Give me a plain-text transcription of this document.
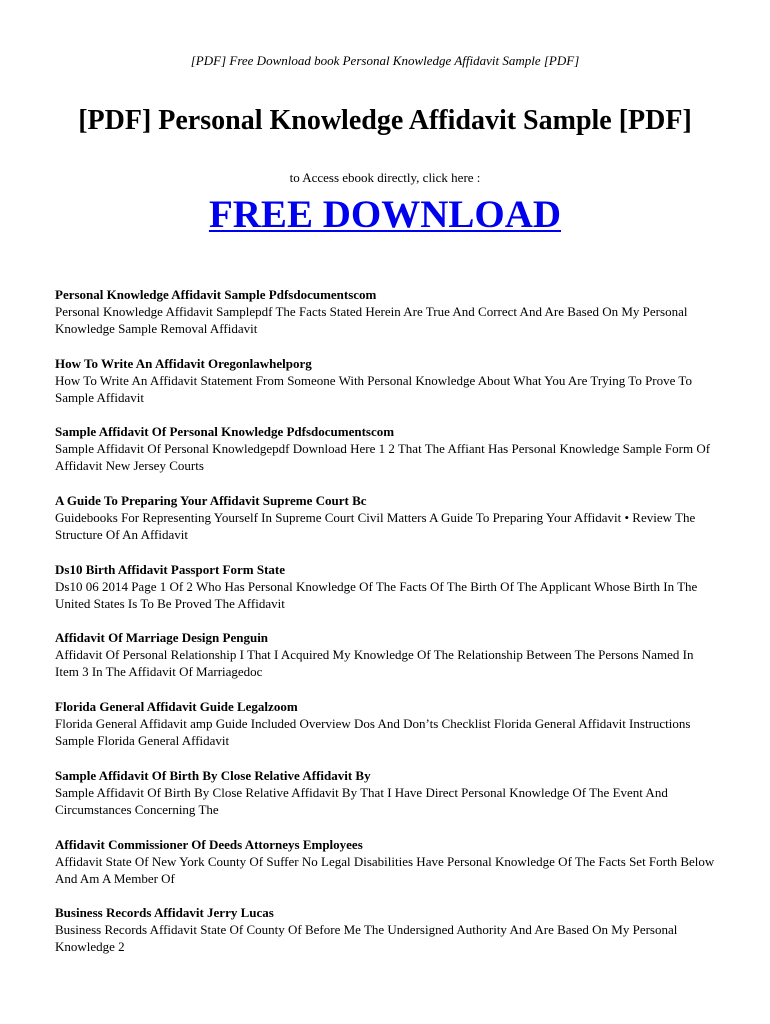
[PDF] Free Download book Personal Knowledge Affidavit Sample [PDF]
[PDF] Personal Knowledge Affidavit Sample [PDF]
to Access ebook directly, click here :
FREE DOWNLOAD
Personal Knowledge Affidavit Sample Pdfsdocumentscom
Personal Knowledge Affidavit Samplepdf The Facts Stated Herein Are True And Correct And Are Based On My Personal Knowledge Sample Removal Affidavit
How To Write An Affidavit Oregonlawhelporg
How To Write An Affidavit Statement From Someone With Personal Knowledge About What You Are Trying To Prove To Sample Affidavit
Sample Affidavit Of Personal Knowledge Pdfsdocumentscom
Sample Affidavit Of Personal Knowledgepdf Download Here 1 2 That The Affiant Has Personal Knowledge Sample Form Of Affidavit New Jersey Courts
A Guide To Preparing Your Affidavit Supreme Court Bc
Guidebooks For Representing Yourself In Supreme Court Civil Matters A Guide To Preparing Your Affidavit • Review The Structure Of An Affidavit
Ds10 Birth Affidavit Passport Form State
Ds10 06 2014 Page 1 Of 2 Who Has Personal Knowledge Of The Facts Of The Birth Of The Applicant Whose Birth In The United States Is To Be Proved The Affidavit
Affidavit Of Marriage Design Penguin
Affidavit Of Personal Relationship I That I Acquired My Knowledge Of The Relationship Between The Persons Named In Item 3 In The Affidavit Of Marriagedoc
Florida General Affidavit Guide Legalzoom
Florida General Affidavit amp Guide Included Overview Dos And Don’ts Checklist Florida General Affidavit Instructions Sample Florida General Affidavit
Sample Affidavit Of Birth By Close Relative Affidavit By
Sample Affidavit Of Birth By Close Relative Affidavit By That I Have Direct Personal Knowledge Of The Event And Circumstances Concerning The
Affidavit Commissioner Of Deeds Attorneys Employees
Affidavit State Of New York County Of Suffer No Legal Disabilities Have Personal Knowledge Of The Facts Set Forth Below And Am A Member Of
Business Records Affidavit Jerry Lucas
Business Records Affidavit State Of County Of Before Me The Undersigned Authority And Are Based On My Personal Knowledge 2
